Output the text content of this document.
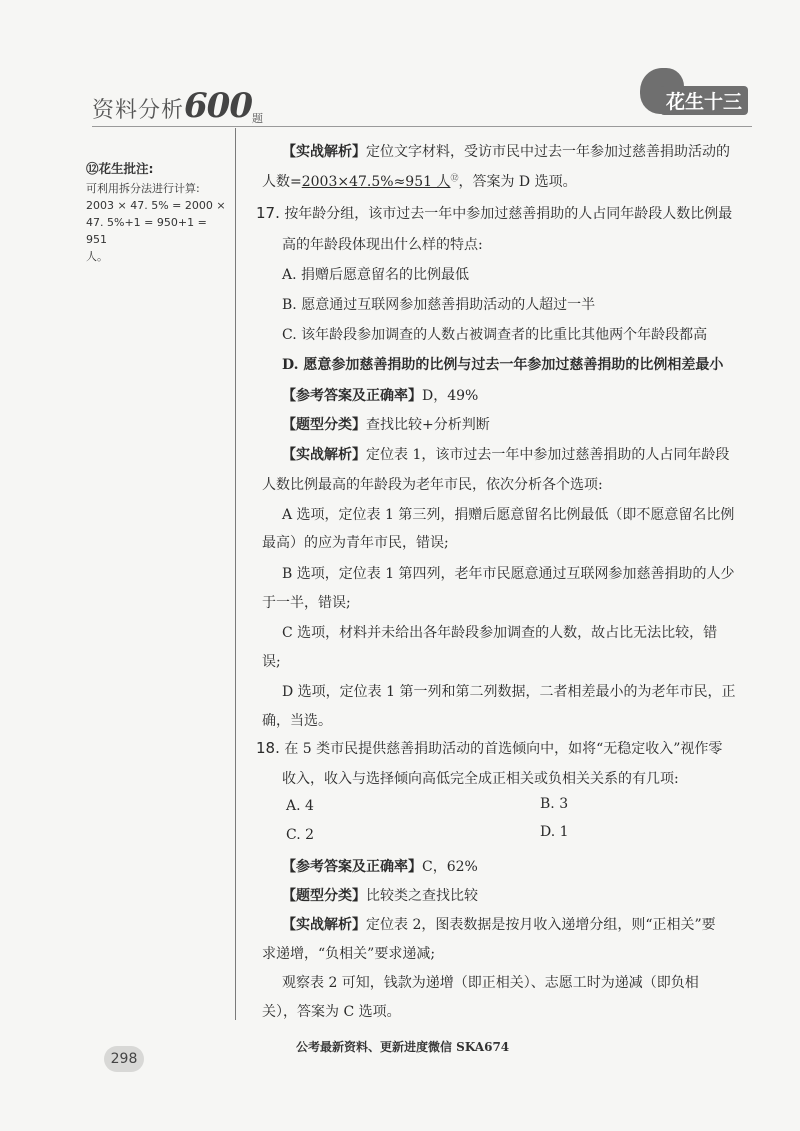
资料分析600题
花生十三
⑫花生批注:
可利用拆分法进行计算:
2003 × 47. 5% = 2000 ×
47. 5%+1 = 950+1 = 951
人。
【实战解析】定位文字材料，受访市民中过去一年参加过慈善捐助活动的
人数=2003×47.5%≈951 人⑫，答案为 D 选项。
17. 按年龄分组，该市过去一年中参加过慈善捐助的人占同年龄段人数比例最
高的年龄段体现出什么样的特点:
A. 捐赠后愿意留名的比例最低
B. 愿意通过互联网参加慈善捐助活动的人超过一半
C. 该年龄段参加调查的人数占被调查者的比重比其他两个年龄段都高
D. 愿意参加慈善捐助的比例与过去一年参加过慈善捐助的比例相差最小
【参考答案及正确率】D，49%
【题型分类】查找比较+分析判断
【实战解析】定位表 1，该市过去一年中参加过慈善捐助的人占同年龄段
人数比例最高的年龄段为老年市民，依次分析各个选项:
A 选项，定位表 1 第三列，捐赠后愿意留名比例最低（即不愿意留名比例
最高）的应为青年市民，错误;
B 选项，定位表 1 第四列，老年市民愿意通过互联网参加慈善捐助的人少
于一半，错误;
C 选项，材料并未给出各年龄段参加调查的人数，故占比无法比较，错
误;
D 选项，定位表 1 第一列和第二列数据，二者相差最小的为老年市民，正
确，当选。
18. 在 5 类市民提供慈善捐助活动的首选倾向中，如将“无稳定收入”视作零
收入，收入与选择倾向高低完全成正相关或负相关关系的有几项:
A. 4	B. 3
C. 2	D. 1
【参考答案及正确率】C，62%
【题型分类】比较类之查找比较
【实战解析】定位表 2，图表数据是按月收入递增分组，则“正相关”要
求递增，“负相关”要求递减;
观察表 2 可知，钱款为递增（即正相关）、志愿工时为递减（即负相
关），答案为 C 选项。
公考最新资料、更新进度微信 SKA674
298
